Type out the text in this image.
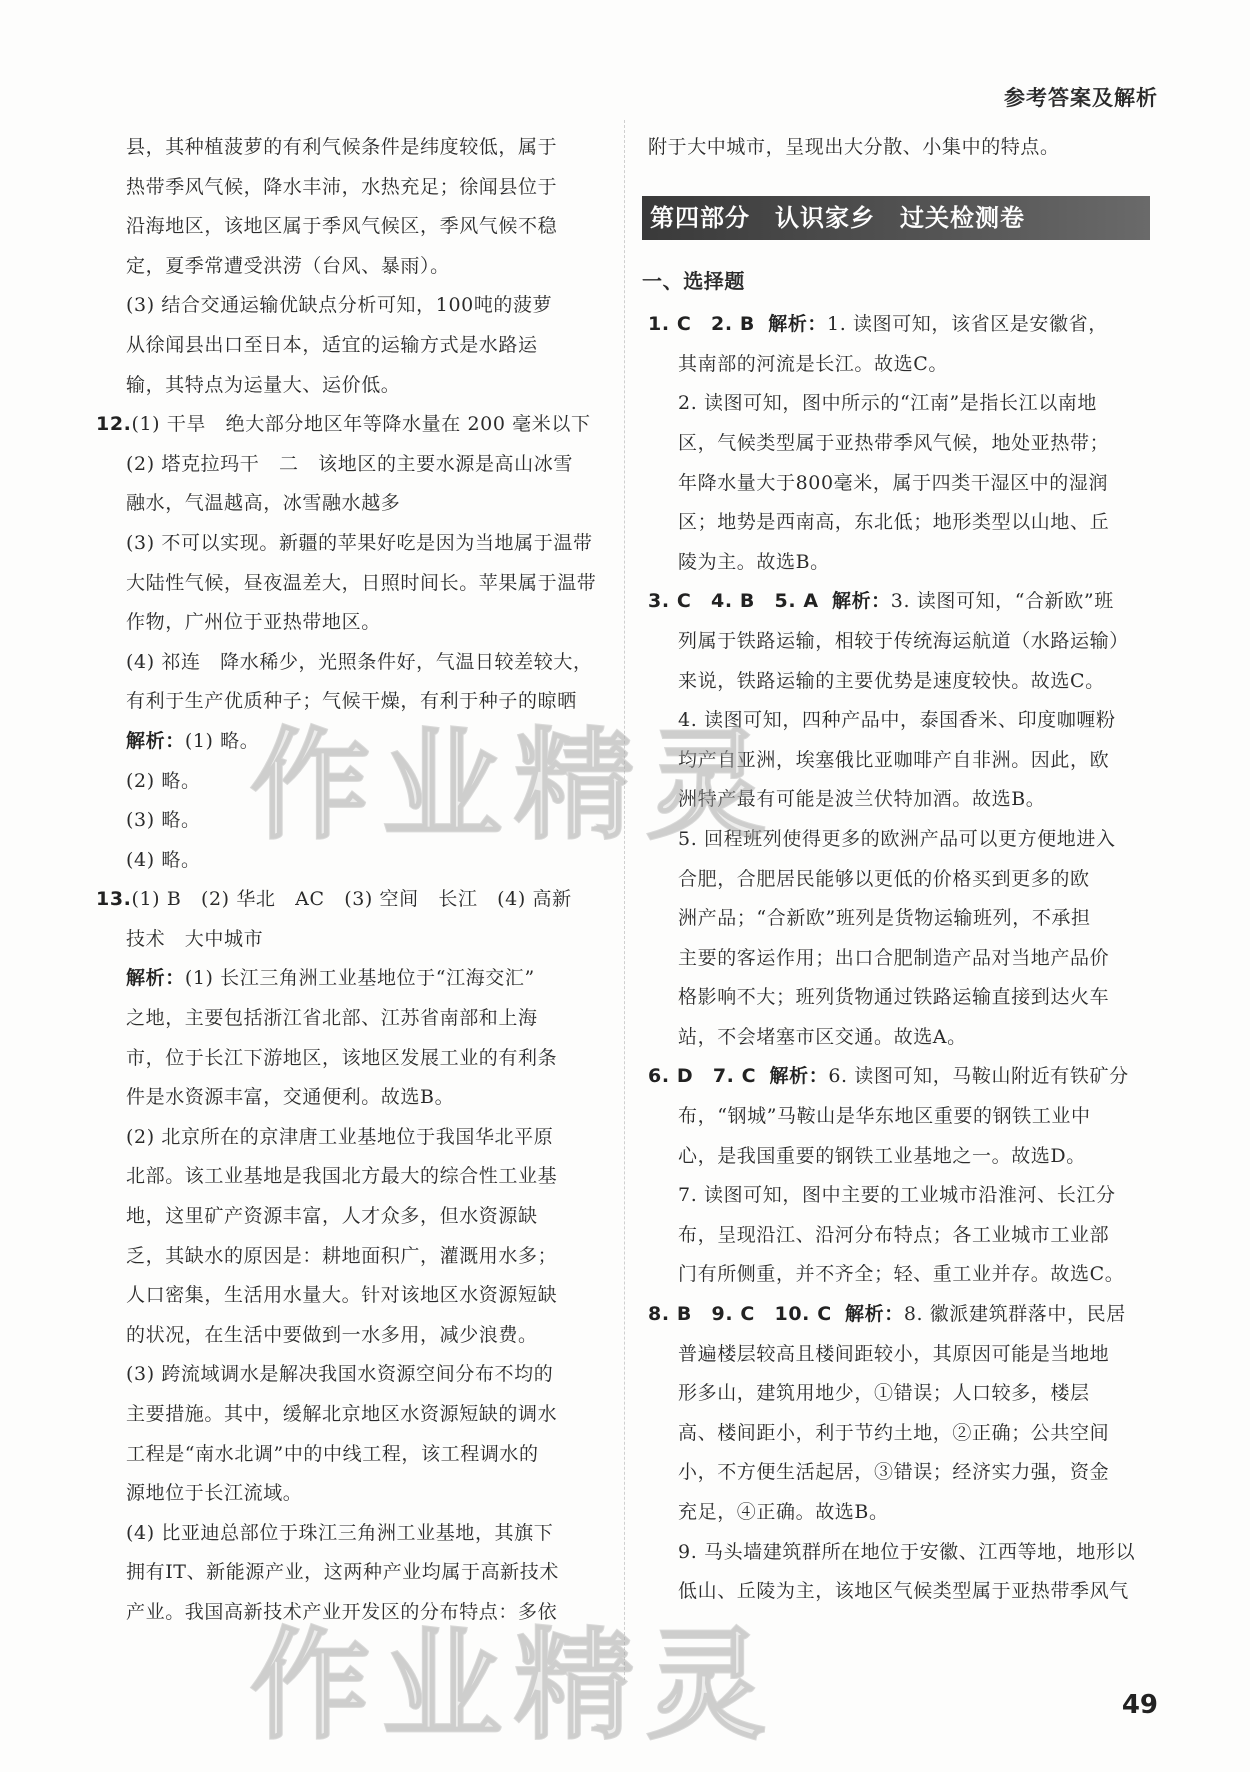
参考答案及解析

县，其种植菠萝的有利气候条件是纬度较低，属于

热带季风气候，降水丰沛，水热充足；徐闻县位于

沿海地区，该地区属于季风气候区，季风气候不稳

定，夏季常遭受洪涝（台风、暴雨）。

(3) 结合交通运输优缺点分析可知，100吨的菠萝

从徐闻县出口至日本，适宜的运输方式是水路运

输，其特点为运量大、运价低。

12.(1) 干旱　绝大部分地区年等降水量在 200 毫米以下

(2) 塔克拉玛干　二　该地区的主要水源是高山冰雪

融水，气温越高，冰雪融水越多

(3) 不可以实现。新疆的苹果好吃是因为当地属于温带

大陆性气候，昼夜温差大，日照时间长。苹果属于温带

作物，广州位于亚热带地区。

(4) 祁连　降水稀少，光照条件好，气温日较差较大，

有利于生产优质种子；气候干燥，有利于种子的晾晒

解析：(1) 略。

(2) 略。

(3) 略。

(4) 略。

13.(1) B　(2) 华北　AC　(3) 空间　长江　(4) 高新

技术　大中城市

解析：(1) 长江三角洲工业基地位于“江海交汇”

之地，主要包括浙江省北部、江苏省南部和上海

市，位于长江下游地区，该地区发展工业的有利条

件是水资源丰富，交通便利。故选B。

(2) 北京所在的京津唐工业基地位于我国华北平原

北部。该工业基地是我国北方最大的综合性工业基

地，这里矿产资源丰富，人才众多，但水资源缺

乏，其缺水的原因是：耕地面积广，灌溉用水多；

人口密集，生活用水量大。针对该地区水资源短缺

的状况，在生活中要做到一水多用，减少浪费。

(3) 跨流域调水是解决我国水资源空间分布不均的

主要措施。其中，缓解北京地区水资源短缺的调水

工程是“南水北调”中的中线工程，该工程调水的

源地位于长江流域。

(4) 比亚迪总部位于珠江三角洲工业基地，其旗下

拥有IT、新能源产业，这两种产业均属于高新技术

产业。我国高新技术产业开发区的分布特点：多依

附于大中城市，呈现出大分散、小集中的特点。

第四部分　认识家乡　过关检测卷
一、选择题

1. C　2. B 解析：1. 读图可知，该省区是安徽省，

其南部的河流是长江。故选C。

2. 读图可知，图中所示的“江南”是指长江以南地

区，气候类型属于亚热带季风气候，地处亚热带；

年降水量大于800毫米，属于四类干湿区中的湿润

区；地势是西南高，东北低；地形类型以山地、丘

陵为主。故选B。

3. C　4. B　5. A 解析：3. 读图可知，“合新欧”班

列属于铁路运输，相较于传统海运航道（水路运输）

来说，铁路运输的主要优势是速度较快。故选C。

4. 读图可知，四种产品中，泰国香米、印度咖喱粉

均产自亚洲，埃塞俄比亚咖啡产自非洲。因此，欧

洲特产最有可能是波兰伏特加酒。故选B。

5. 回程班列使得更多的欧洲产品可以更方便地进入

合肥，合肥居民能够以更低的价格买到更多的欧

洲产品；“合新欧”班列是货物运输班列，不承担

主要的客运作用；出口合肥制造产品对当地产品价

格影响不大；班列货物通过铁路运输直接到达火车

站，不会堵塞市区交通。故选A。

6. D　7. C 解析：6. 读图可知，马鞍山附近有铁矿分

布，“钢城”马鞍山是华东地区重要的钢铁工业中

心，是我国重要的钢铁工业基地之一。故选D。

7. 读图可知，图中主要的工业城市沿淮河、长江分

布，呈现沿江、沿河分布特点；各工业城市工业部

门有所侧重，并不齐全；轻、重工业并存。故选C。

8. B　9. C　10. C 解析：8. 徽派建筑群落中，民居

普遍楼层较高且楼间距较小，其原因可能是当地地

形多山，建筑用地少，①错误；人口较多，楼层

高、楼间距小，利于节约土地，②正确；公共空间

小，不方便生活起居，③错误；经济实力强，资金

充足，④正确。故选B。

9. 马头墙建筑群所在地位于安徽、江西等地，地形以

低山、丘陵为主，该地区气候类型属于亚热带季风气

作业精灵
作业精灵	49
